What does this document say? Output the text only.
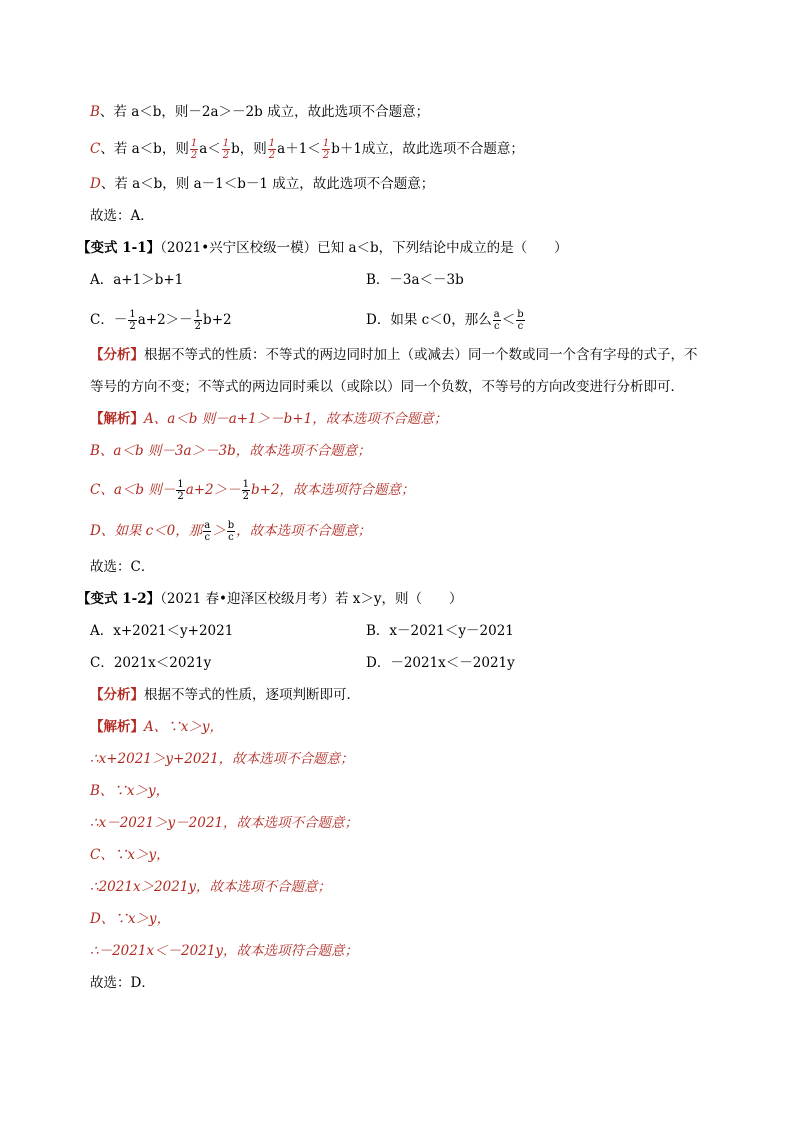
B、若 a＜b，则－2a＞－2b 成立，故此选项不合题意；
C、若 a＜b，则 $\frac{1}{2} a< \frac{1}{2}$ b，则 $\frac{1}{2} a+1< \frac{1}{2} b+1$成立，故此选项不合题意；
D、若 a＜b，则 a－1＜b－1 成立，故此选项不合题意；
故选：A．
【变式 1-1】（2021•兴宁区校级一模）已知 a＜b，下列结论中成立的是（　　）
A．a+1＞b+1	B．－3a＜－3b
C．－ $\frac{1}{2} a+2>- \frac{1}{2} b+2$	D．如果 c＜0，那么 $\frac{a}{c} < \frac{b}{c}$
【分析】根据不等式的性质：不等式的两边同时加上（或减去）同一个数或同一个含有字母的式子，不
等号的方向不变；不等式的两边同时乘以（或除以）同一个负数，不等号的方向改变进行分析即可．
【解析】A、a＜b 则－a+1＞－b+1，故本选项不合题意；
B、a＜b 则－3a＞－3b，故本选项不合题意；
C、a＜b 则－ $\frac{1}{2} a+2>- \frac{1}{2} b+2$，故本选项符合题意；
D、如果 c＜0，那 $\frac{a}{c} > \frac{b}{c}$ ，故本选项不合题意；
故选：C．
【变式 1-2】（2021 春•迎泽区校级月考）若 x＞y，则（　　）
A．x+2021＜y+2021	B．x－2021＜y－2021
C．2021x＜2021y	D．－2021x＜－2021y
【分析】根据不等式的性质，逐项判断即可．
【解析】A、∵x＞y，
∴x+2021＞y+2021，故本选项不合题意；
B、∵x＞y，
∴x－2021＞y－2021，故本选项不合题意；
C、∵x＞y，
∴2021x＞2021y，故本选项不合题意；
D、∵x＞y，
∴－2021x＜－2021y，故本选项符合题意；
故选：D．
